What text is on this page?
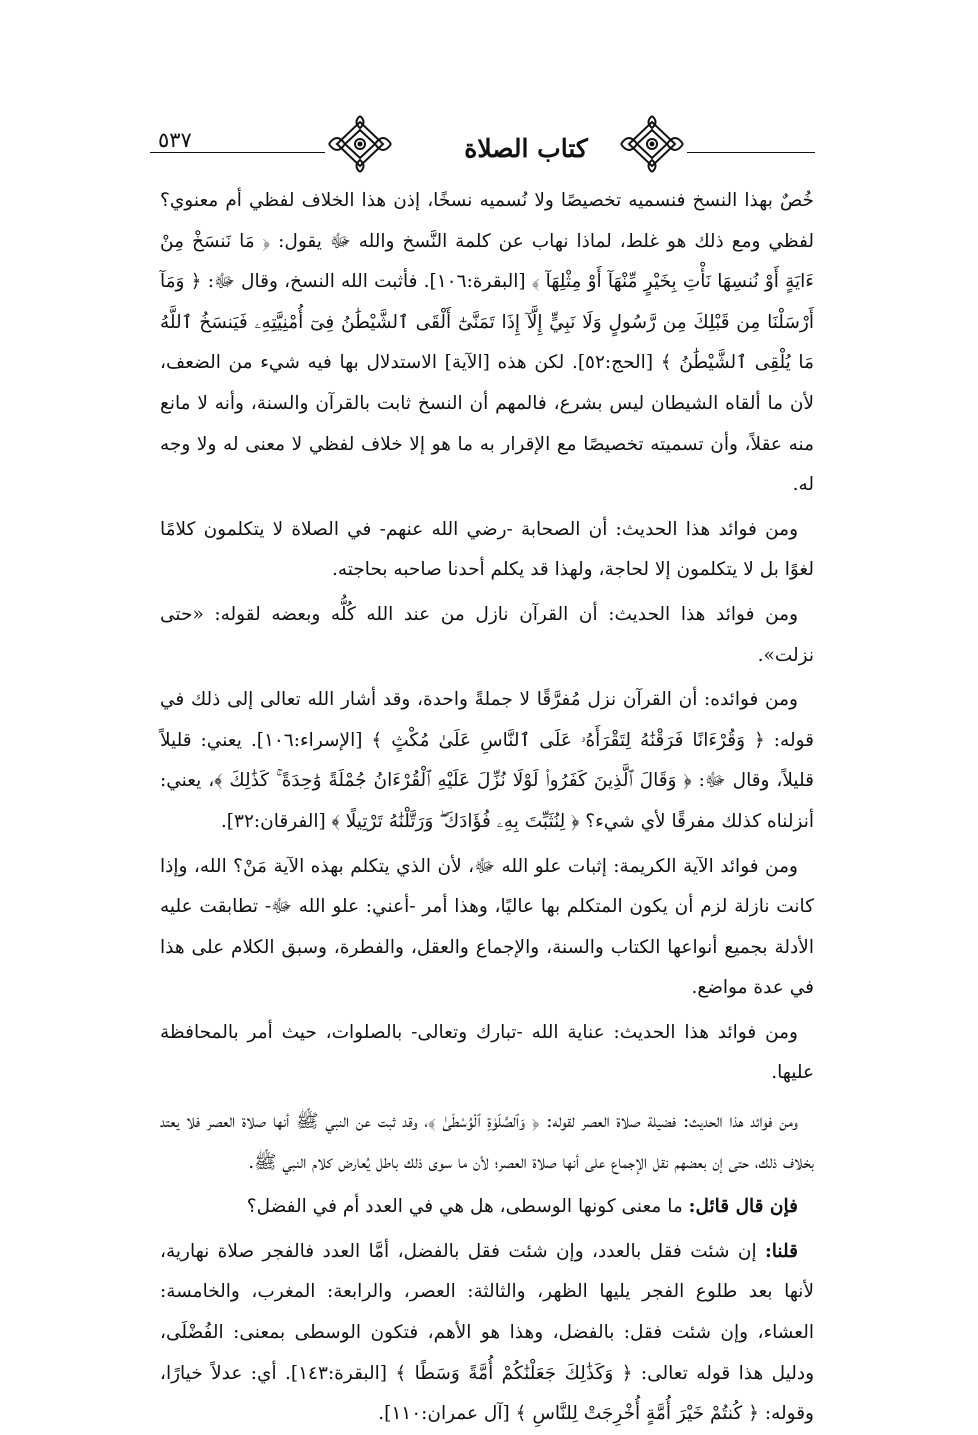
٥٣٧	كتاب الصلاة

خُصٌ بهذا النسخ فنسميه تخصيصًا ولا نُسميه نسخًا، إذن هذا الخلاف لفظي أم معنوي؟ لفظي ومع ذلك هو غلط، لماذا نهاب عن كلمة النَّسخ والله ﷻ يقول: ﴿ مَا نَنسَخْ مِنْ ءَايَةٍ أَوْ نُنسِهَا نَأْتِ بِخَيْرٍ مِّنْهَآ أَوْ مِثْلِهَآ ﴾ [البقرة:١٠٦]. فأثبت الله النسخ، وقال ﷻ: ﴿ وَمَآ أَرْسَلْنَا مِن قَبْلِكَ مِن رَّسُولٍ وَلَا نَبِيٍّ إِلَّآ إِذَا تَمَنَّىٰٓ أَلْقَى ٱلشَّيْطَٰنُ فِىٓ أُمْنِيَّتِهِۦ فَيَنسَخُ ٱللَّهُ مَا يُلْقِى ٱلشَّيْطَٰنُ ﴾ [الحج:٥٢]. لكن هذه [الآية] الاستدلال بها فيه شيء من الضعف، لأن ما ألقاه الشيطان ليس بشرع، فالمهم أن النسخ ثابت بالقرآن والسنة، وأنه لا مانع منه عقلاً، وأن تسميته تخصيصًا مع الإقرار به ما هو إلا خلاف لفظي لا معنى له ولا وجه له.

ومن فوائد هذا الحديث: أن الصحابة -رضي الله عنهم- في الصلاة لا يتكلمون كلامًا لغوًا بل لا يتكلمون إلا لحاجة، ولهذا قد يكلم أحدنا صاحبه بحاجته.

ومن فوائد هذا الحديث: أن القرآن نازل من عند الله كُلُّه وبعضه لقوله: «حتى نزلت».

ومن فوائده: أن القرآن نزل مُفرَّقًا لا جملةً واحدة، وقد أشار الله تعالى إلى ذلك في قوله: ﴿ وَقُرْءَانًا فَرَقْنَٰهُ لِتَقْرَأَهُۥ عَلَى ٱلنَّاسِ عَلَىٰ مُكْثٍ ﴾ [الإسراء:١٠٦]. يعني: قليلاً قليلاً، وقال ﷻ: ﴿ وَقَالَ ٱلَّذِينَ كَفَرُوا۟ لَوْلَا نُزِّلَ عَلَيْهِ ٱلْقُرْءَانُ جُمْلَةً وَٰحِدَةً ۚ كَذَٰلِكَ ﴾، يعني: أنزلناه كذلك مفرقًا لأي شيء؟ ﴿ لِنُثَبِّتَ بِهِۦ فُؤَادَكَ ۖ وَرَتَّلْنَٰهُ تَرْتِيلًا ﴾ [الفرقان:٣٢].

ومن فوائد الآية الكريمة: إثبات علو الله ﷻ، لأن الذي يتكلم بهذه الآية مَنْ؟ الله، وإذا كانت نازلة لزم أن يكون المتكلم بها عاليًا، وهذا أمر -أعني: علو الله ﷻ- تطابقت عليه الأدلة بجميع أنواعها الكتاب والسنة، والإجماع والعقل، والفطرة، وسبق الكلام على هذا في عدة مواضع.

ومن فوائد هذا الحديث: عناية الله -تبارك وتعالى- بالصلوات، حيث أمر بالمحافظة عليها.

ومن فوائد هذا الحديث: فضيلة صلاة العصر لقوله: ﴿ وَٱلصَّلَوٰةِ ٱلْوُسْطَىٰ ﴾، وقد ثبت عن النبي ﷺ أنها صلاة العصر فلا يعتد بخلاف ذلك، حتى إن بعضهم نقل الإجماع على أنها صلاة العصر؛ لأن ما سوى ذلك باطل يُعارض كلام النبي ﷺ.

فإن قال قائل: ما معنى كونها الوسطى، هل هي في العدد أم في الفضل؟

قلنا: إن شئت فقل بالعدد، وإن شئت فقل بالفضل، أمَّا العدد فالفجر صلاة نهارية، لأنها بعد طلوع الفجر يليها الظهر، والثالثة: العصر، والرابعة: المغرب، والخامسة: العشاء، وإن شئت فقل: بالفضل، وهذا هو الأهم، فتكون الوسطى بمعنى: الفُضْلَى، ودليل هذا قوله تعالى: ﴿ وَكَذَٰلِكَ جَعَلْنَٰكُمْ أُمَّةً وَسَطًا ﴾ [البقرة:١٤٣]. أي: عدلاً خيارًا، وقوله: ﴿ كُنتُمْ خَيْرَ أُمَّةٍ أُخْرِجَتْ لِلنَّاسِ ﴾ [آل عمران:١١٠].
